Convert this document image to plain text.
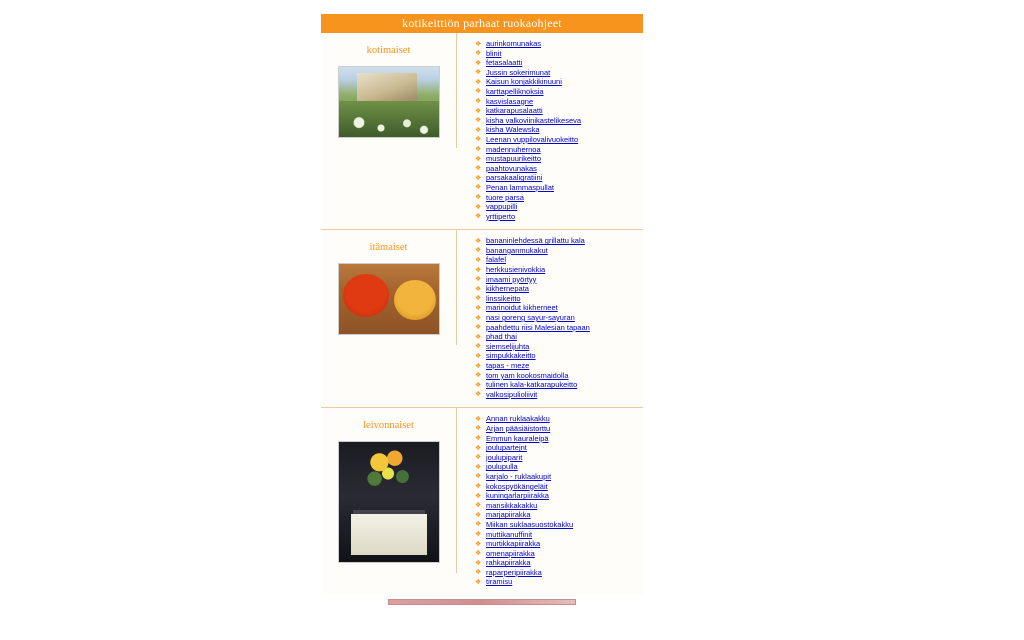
kotikeittiön parhaat ruokaohjeet
kotimaiset
❖ aurinkomunakas
❖ blinit
❖ fetasalaatti
❖ Jussin sokerimunat
❖ Kaisun konjakkikinuuni
❖ karttapelliknoksia
❖ kasvislasagne
❖ katkarapusalaatti
❖ kisha valkoviinikastelikeseva
❖ kisha Walewska
❖ Leenan vuppilovalivuokeitto
❖ madennuhernoa
❖ mustapuurikeitto
❖ paahtovunakas
❖ parsakaaligratiini
❖ Penan lammaspullat
❖ tuore parsa
❖ vappupilli
❖ yrttiperto
itämaiset
❖ bananinlehdessä grillattu kala
❖ bananganmukakut
❖ falafel
❖ herkkusienivokkia
❖ imaami pyörtyy
❖ kikhernepata
❖ linssikeitto
❖ marinoidut kikherneet
❖ nasi goreng sayur-sayuran
❖ paahdettu riisi Malesian tapaan
❖ phad thai
❖ siemselijuhta
❖ simpukkakeitto
❖ tapas - meze
❖ tom yam kookosmaidolla
❖ tulinen kala-katkarapukeitto
❖ valkosipulioliivit
leivonnaiset
❖ Annan ruklaakakku
❖ Arjan pääsiäistorttu
❖ Emmun kauraleipä
❖ joulupartejnt
❖ joulupiparit
❖ joulupulla
❖ karjalo - ruklaakupit
❖ kokospyökängeläit
❖ kuninqarlarpiirakka
❖ mansikkakakku
❖ marjapiirakka
❖ Miikan suklaasuostokakku
❖ muttikanuffinit
❖ murtikkapiirakka
❖ omenapiirakka
❖ rahkapiirakka
❖ raparperipiirakka
❖ tiramisu
